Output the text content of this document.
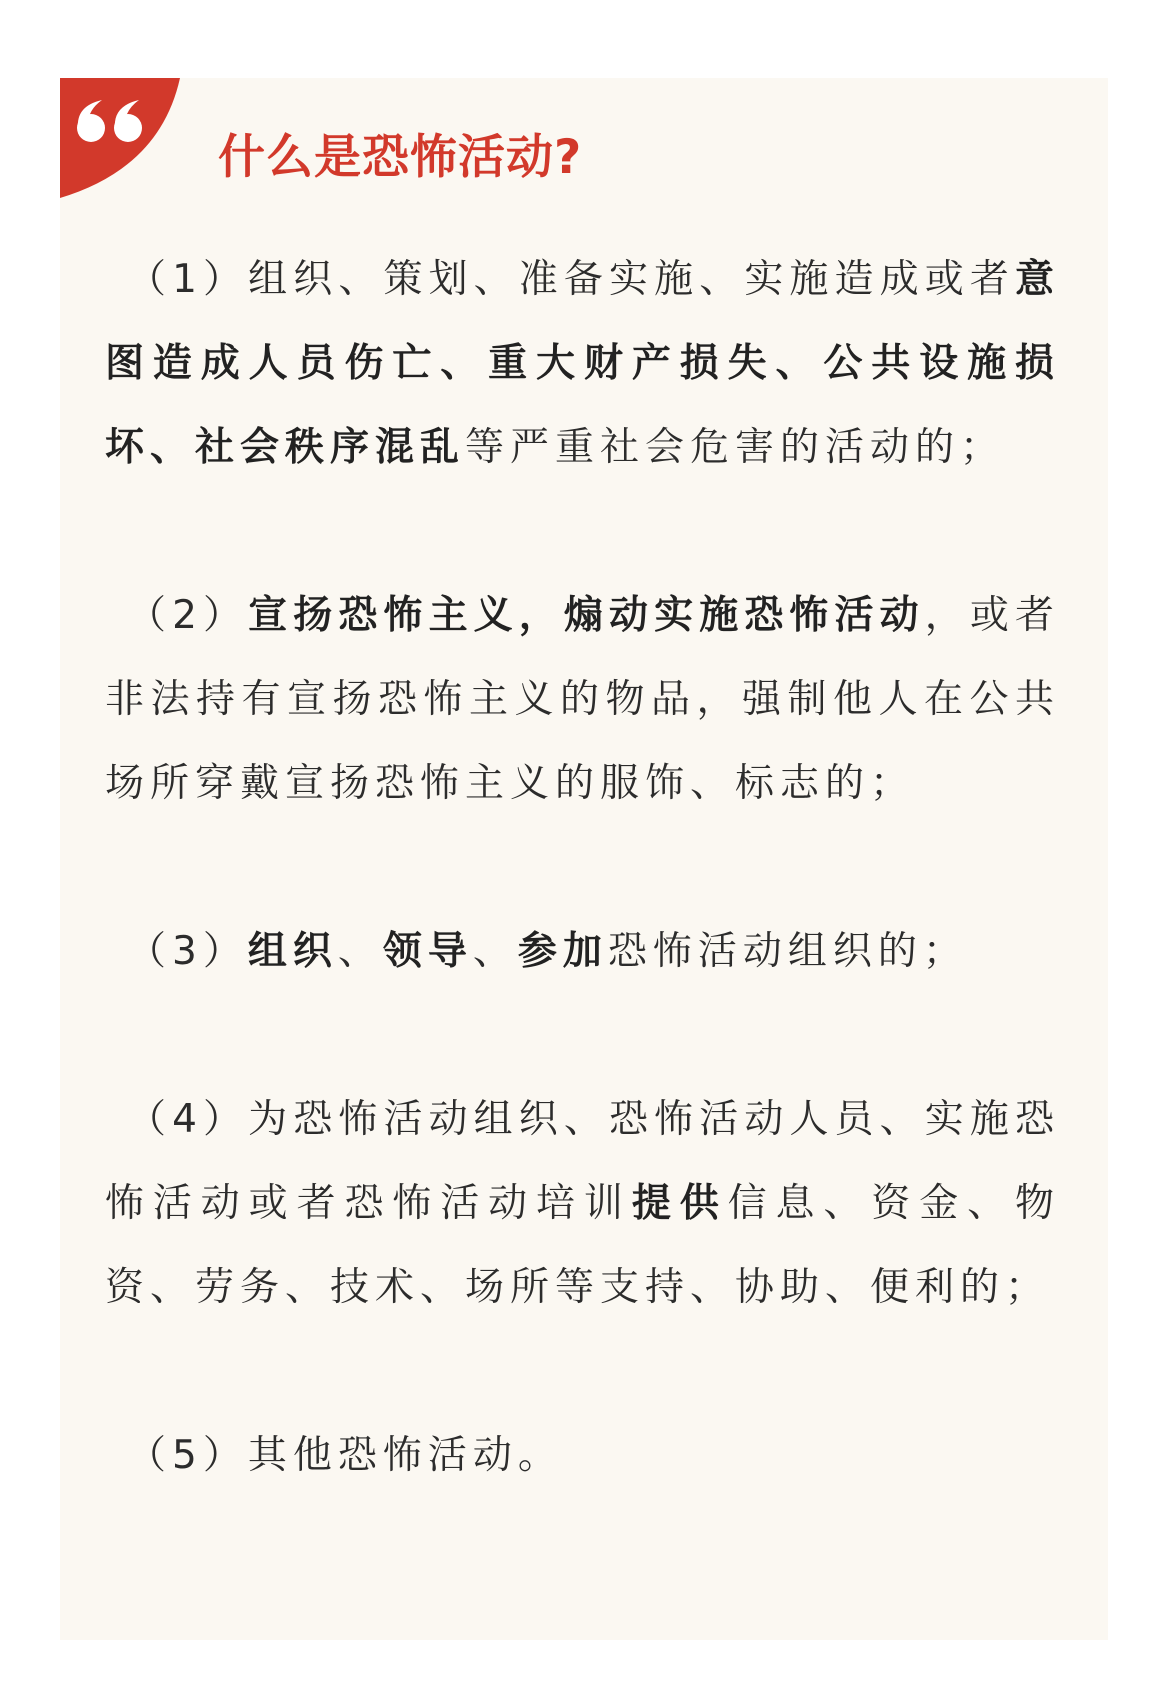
什么是恐怖活动?

（1）组织、策划、准备实施、实施造成或者意图造成人员伤亡、重大财产损失、公共设施损坏、社会秩序混乱等严重社会危害的活动的；

（2）宣扬恐怖主义，煽动实施恐怖活动，或者非法持有宣扬恐怖主义的物品，强制他人在公共场所穿戴宣扬恐怖主义的服饰、标志的；

（3）组织、领导、参加恐怖活动组织的；

（4）为恐怖活动组织、恐怖活动人员、实施恐怖活动或者恐怖活动培训提供信息、资金、物资、劳务、技术、场所等支持、协助、便利的；

（5）其他恐怖活动。
